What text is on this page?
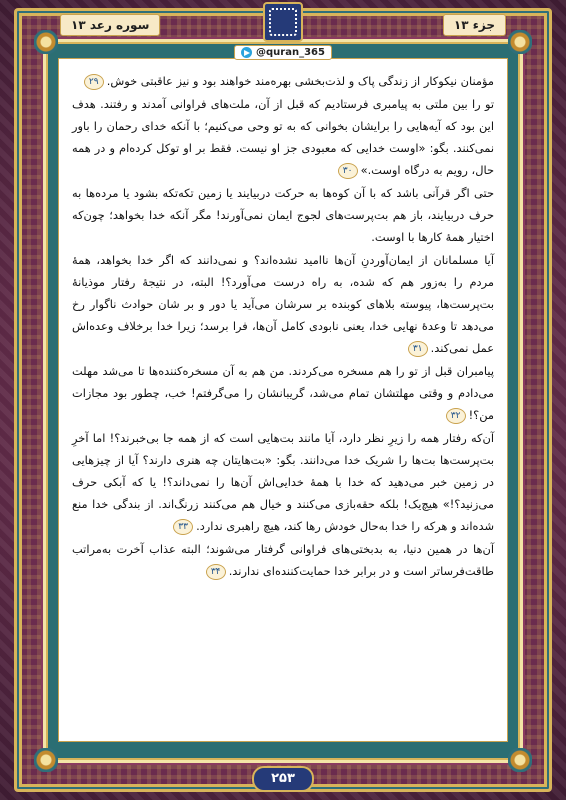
سوره رعد ۱۳	جزء ۱۳
@quran_365

مؤمنان نیکوکار از زندگی پاک و لذت‌بخشی بهره‌مند خواهند بود و نیز عاقبتی خوش.۲۹

تو را بین ملتی به پیامبری فرستادیم که قبل از آن، ملت‌های فراوانی آمدند و رفتند. هدف این بود که آیه‌هایی را برایشان بخوانی که به تو وحی می‌کنیم؛ با آنکه خدای رحمان را باور نمی‌کنند. بگو: «اوست خدایی که معبودی جز او نیست. فقط بر او توکل کرده‌ام و در همه حال، رویم به درگاه اوست.»۳۰

حتی اگر قرآنی باشد که با آن کوه‌ها به حرکت دربیایند یا زمین تکه‌تکه بشود یا مرده‌ها به حرف دربیایند، باز هم بت‌پرست‌های لجوج ایمان نمی‌آورند! مگر آنکه خدا بخواهد؛ چون‌که اختیار همهٔ کارها با اوست.

آیا مسلمانان از ایمان‌آوردنِ آن‌ها ناامید نشده‌اند؟ و نمی‌دانند که اگر خدا بخواهد، همهٔ مردم را به‌زور هم که شده، به راه درست می‌آورد؟! البته، در نتیجهٔ رفتار موذیانهٔ بت‌پرست‌ها، پیوسته بلاهای کوبنده بر سرشان می‌آید یا دور و بر شان حوادث ناگوار رخ می‌دهد تا وعدهٔ نهایی خدا، یعنی نابودی کامل آن‌ها، فرا برسد؛ زیرا خدا برخلاف وعده‌اش عمل نمی‌کند.۳۱

پیامبران قبل از تو را هم مسخره می‌کردند. من هم به آن مسخره‌کننده‌ها تا می‌شد مهلت می‌دادم و وقتی مهلتشان تمام می‌شد، گریبانشان را می‌گرفتم! خب، چطور بود مجازات من؟!۳۲

آن‌که رفتار همه را زیرِ نظر دارد، آیا مانند بت‌هایی است که از همه جا بی‌خبرند؟! اما آخرِ بت‌پرست‌ها بت‌ها را شریک خدا می‌دانند. بگو: «بت‌هایتان چه هنری دارند؟ آیا از چیزهایی در زمین خبر می‌دهید که خدا با همهٔ خدایی‌اش آن‌ها را نمی‌داند؟! یا که آبکی حرف می‌زنید؟!» هیچ‌یک! بلکه حقه‌بازی می‌کنند و خیال هم می‌کنند زرنگ‌اند. از بندگی خدا منع شده‌اند و هرکه را خدا به‌حال خودش رها کند، هیچ راهبری ندارد.۳۳

آن‌ها در همین دنیا، به بدبختی‌های فراوانی گرفتار می‌شوند؛ البته عذاب آخرت به‌مراتب طاقت‌فرساتر است و در برابر خدا حمایت‌کننده‌ای ندارند.۳۴

۲۵۳
